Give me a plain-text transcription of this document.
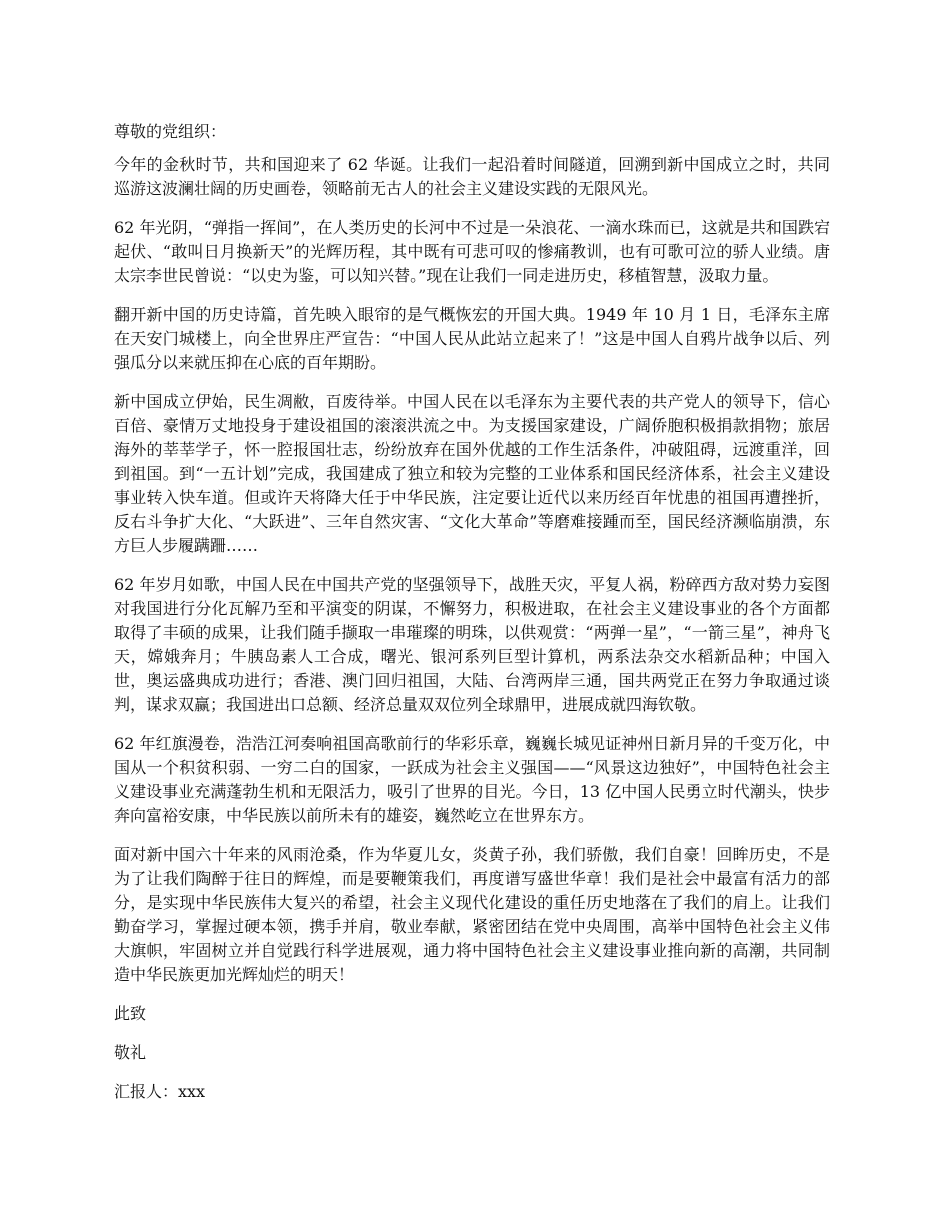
尊敬的党组织：

今年的金秋时节，共和国迎来了 62 华诞。让我们一起沿着时间隧道，回溯到新中国成立之时，共同巡游这波澜壮阔的历史画卷，领略前无古人的社会主义建设实践的无限风光。

62 年光阴，“弹指一挥间”，在人类历史的长河中不过是一朵浪花、一滴水珠而已，这就是共和国跌宕起伏、“敢叫日月换新天”的光辉历程，其中既有可悲可叹的惨痛教训，也有可歌可泣的骄人业绩。唐太宗李世民曾说：“以史为鉴，可以知兴替。”现在让我们一同走进历史，移植智慧，汲取力量。

翻开新中国的历史诗篇，首先映入眼帘的是气概恢宏的开国大典。1949 年 10 月 1 日，毛泽东主席在天安门城楼上，向全世界庄严宣告：“中国人民从此站立起来了！”这是中国人自鸦片战争以后、列强瓜分以来就压抑在心底的百年期盼。

新中国成立伊始，民生凋敝，百废待举。中国人民在以毛泽东为主要代表的共产党人的领导下，信心百倍、豪情万丈地投身于建设祖国的滚滚洪流之中。为支援国家建设，广阔侨胞积极捐款捐物；旅居海外的莘莘学子，怀一腔报国壮志，纷纷放弃在国外优越的工作生活条件，冲破阻碍，远渡重洋，回到祖国。到“一五计划”完成，我国建成了独立和较为完整的工业体系和国民经济体系，社会主义建设事业转入快车道。但或许天将降大任于中华民族，注定要让近代以来历经百年忧患的祖国再遭挫折，反右斗争扩大化、“大跃进”、三年自然灾害、“文化大革命”等磨难接踵而至，国民经济濒临崩溃，东方巨人步履蹒跚……

62 年岁月如歌，中国人民在中国共产党的坚强领导下，战胜天灾，平复人祸，粉碎西方敌对势力妄图对我国进行分化瓦解乃至和平演变的阴谋，不懈努力，积极进取，在社会主义建设事业的各个方面都取得了丰硕的成果，让我们随手撷取一串璀璨的明珠，以供观赏：“两弹一星”，“一箭三星”，神舟飞天，嫦娥奔月；牛胰岛素人工合成，曙光、银河系列巨型计算机，两系法杂交水稻新品种；中国入世，奥运盛典成功进行；香港、澳门回归祖国，大陆、台湾两岸三通，国共两党正在努力争取通过谈判，谋求双赢；我国进出口总额、经济总量双双位列全球鼎甲，进展成就四海钦敬。

62 年红旗漫卷，浩浩江河奏响祖国高歌前行的华彩乐章，巍巍长城见证神州日新月异的千变万化，中国从一个积贫积弱、一穷二白的国家，一跃成为社会主义强国——“风景这边独好”，中国特色社会主义建设事业充满蓬勃生机和无限活力，吸引了世界的目光。今日，13 亿中国人民勇立时代潮头，快步奔向富裕安康，中华民族以前所未有的雄姿，巍然屹立在世界东方。

面对新中国六十年来的风雨沧桑，作为华夏儿女，炎黄子孙，我们骄傲，我们自豪！回眸历史，不是为了让我们陶醉于往日的辉煌，而是要鞭策我们，再度谱写盛世华章！我们是社会中最富有活力的部分，是实现中华民族伟大复兴的希望，社会主义现代化建设的重任历史地落在了我们的肩上。让我们勤奋学习，掌握过硬本领，携手并肩，敬业奉献，紧密团结在党中央周围，高举中国特色社会主义伟大旗帜，牢固树立并自觉践行科学进展观，通力将中国特色社会主义建设事业推向新的高潮，共同制造中华民族更加光辉灿烂的明天！

此致

敬礼

汇报人：xxx
